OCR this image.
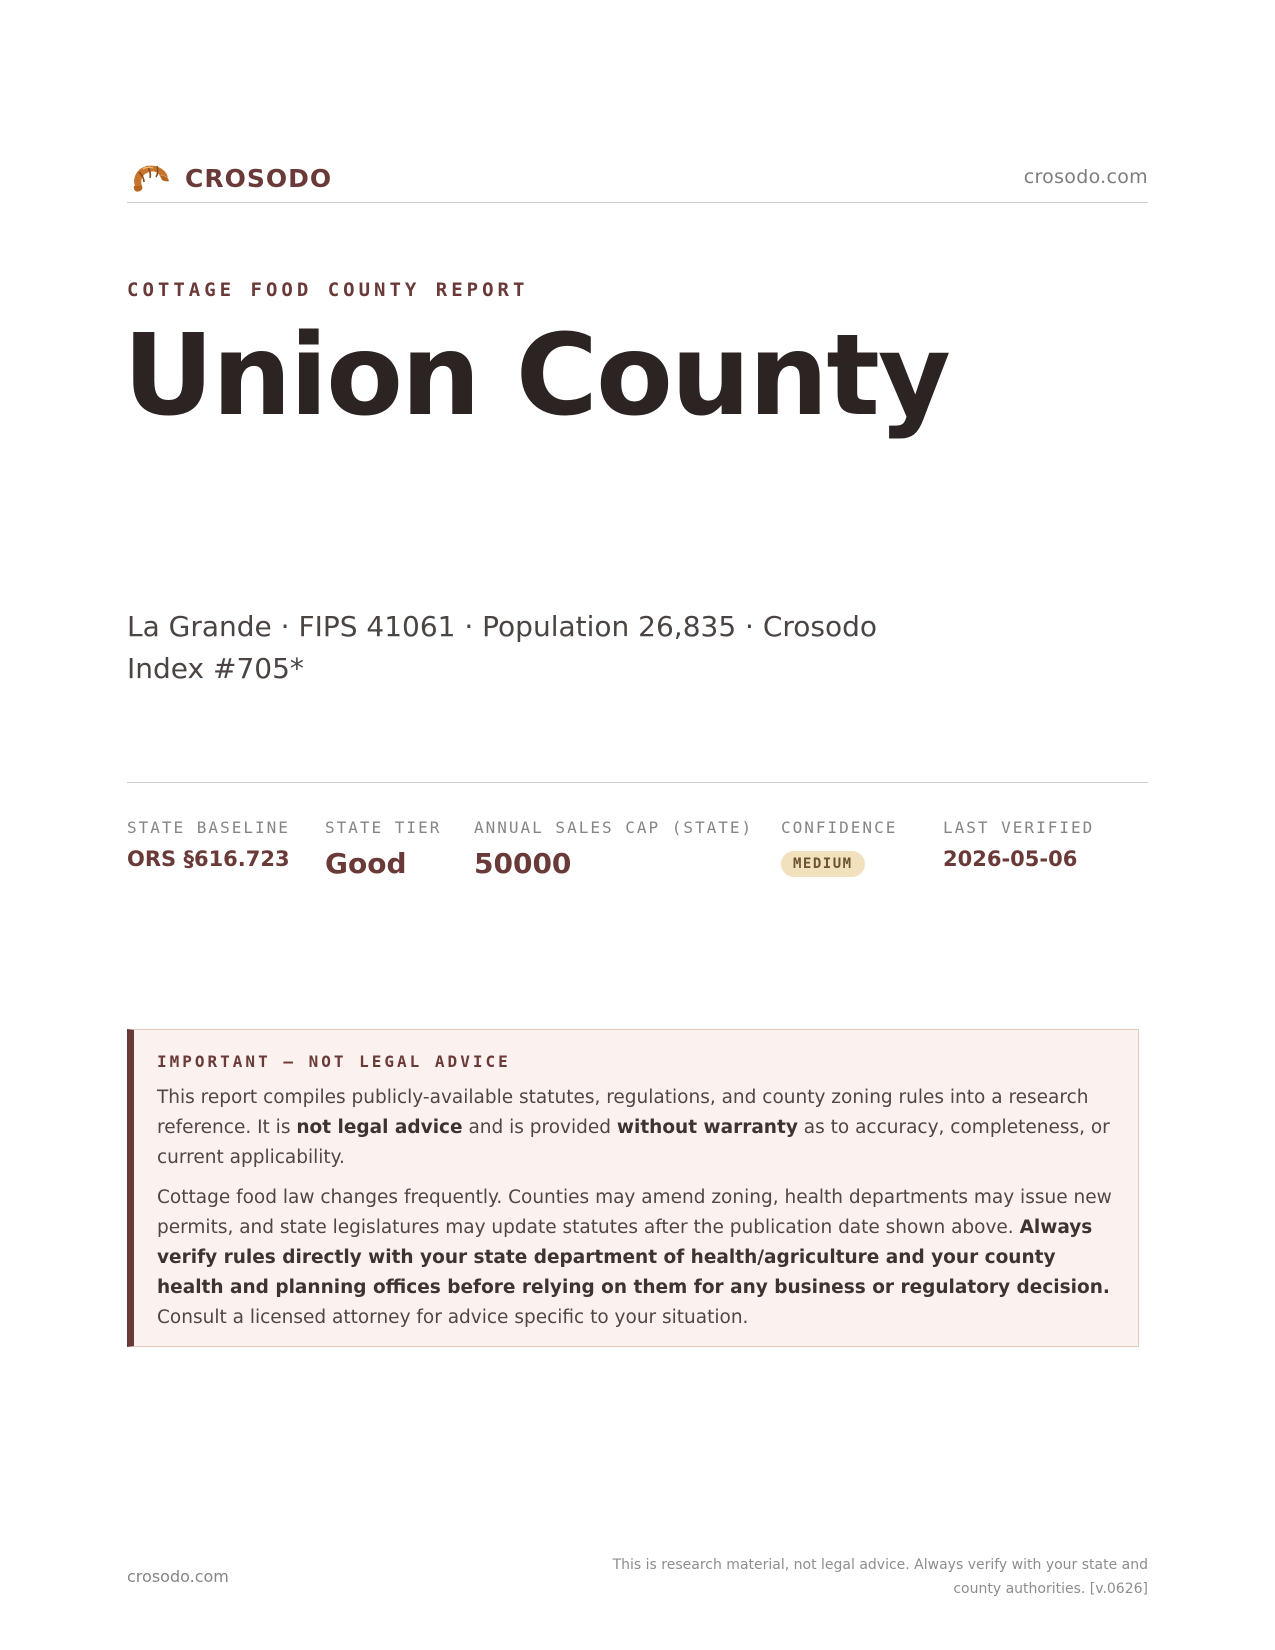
CROSODO	crosodo.com
COTTAGE FOOD COUNTY REPORT
Union County

La Grande · FIPS 41061 · Population 26,835 · Crosodo Index #705*

STATE BASELINE
ORS §616.723
STATE TIER
Good
ANNUAL SALES CAP (STATE)
50000
CONFIDENCE
MEDIUM
LAST VERIFIED
2026-05-06
IMPORTANT — NOT LEGAL ADVICE

This report compiles publicly-available statutes, regulations, and county zoning rules into a research reference. It is not legal advice and is provided without warranty as to accuracy, completeness, or current applicability.

Cottage food law changes frequently. Counties may amend zoning, health departments may issue new permits, and state legislatures may update statutes after the publication date shown above. Always verify rules directly with your state department of health/agriculture and your county health and planning offices before relying on them for any business or regulatory decision. Consult a licensed attorney for advice specific to your situation.

crosodo.com
This is research material, not legal advice. Always verify with your state and county authorities. [v.0626]
